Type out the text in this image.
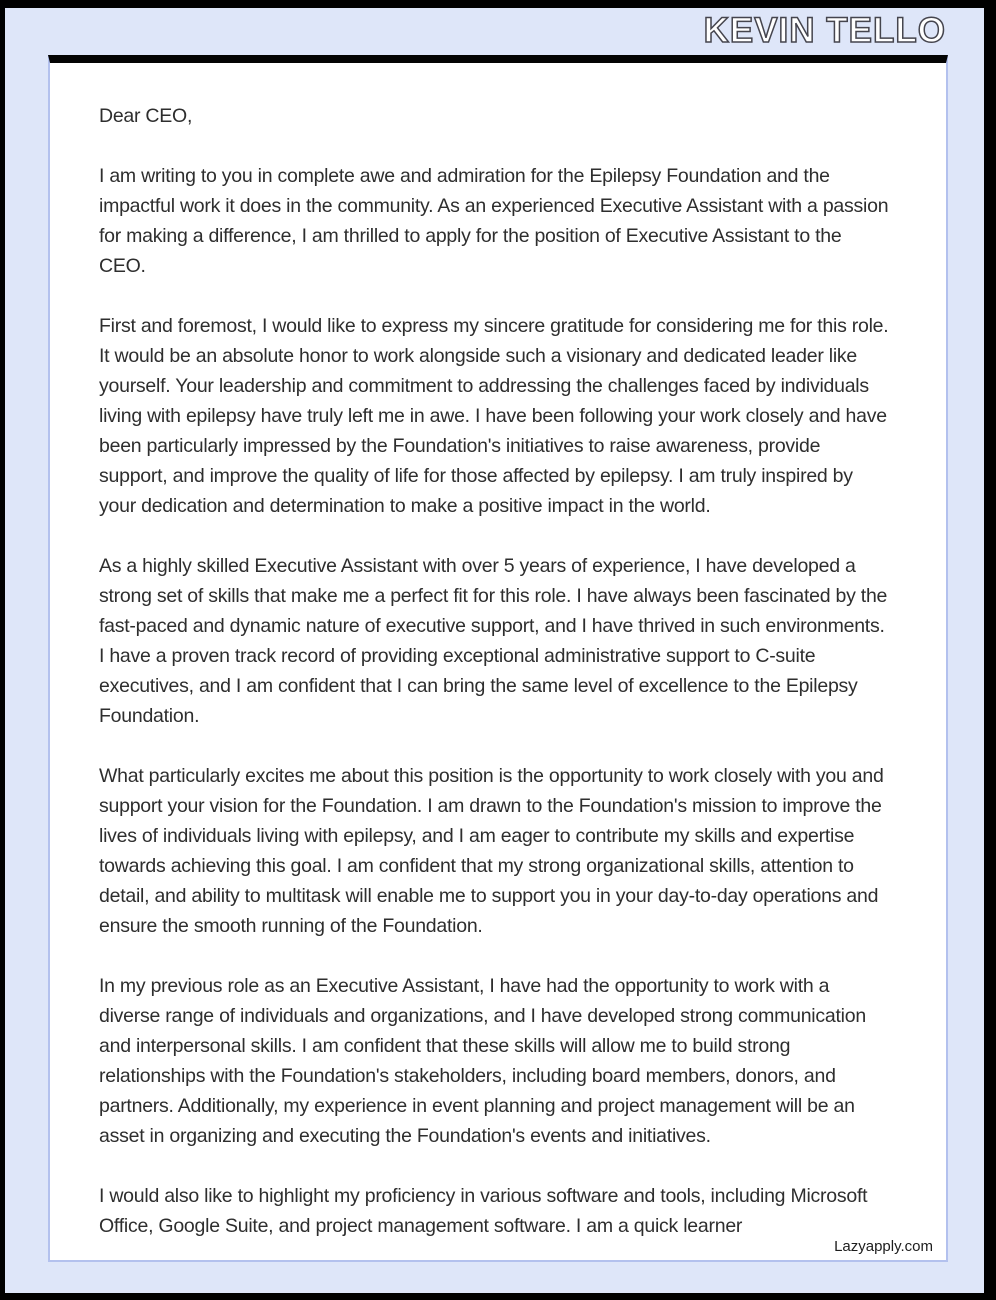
KEVIN TELLO

Dear CEO,

I am writing to you in complete awe and admiration for the Epilepsy Foundation and the impactful work it does in the community. As an experienced Executive Assistant with a passion for making a difference, I am thrilled to apply for the position of Executive Assistant to the CEO.

First and foremost, I would like to express my sincere gratitude for considering me for this role. It would be an absolute honor to work alongside such a visionary and dedicated leader like yourself. Your leadership and commitment to addressing the challenges faced by individuals living with epilepsy have truly left me in awe. I have been following your work closely and have been particularly impressed by the Foundation's initiatives to raise awareness, provide support, and improve the quality of life for those affected by epilepsy. I am truly inspired by your dedication and determination to make a positive impact in the world.

As a highly skilled Executive Assistant with over 5 years of experience, I have developed a strong set of skills that make me a perfect fit for this role. I have always been fascinated by the fast-paced and dynamic nature of executive support, and I have thrived in such environments. I have a proven track record of providing exceptional administrative support to C-suite executives, and I am confident that I can bring the same level of excellence to the Epilepsy Foundation.

What particularly excites me about this position is the opportunity to work closely with you and support your vision for the Foundation. I am drawn to the Foundation's mission to improve the lives of individuals living with epilepsy, and I am eager to contribute my skills and expertise towards achieving this goal. I am confident that my strong organizational skills, attention to detail, and ability to multitask will enable me to support you in your day-to-day operations and ensure the smooth running of the Foundation.

In my previous role as an Executive Assistant, I have had the opportunity to work with a diverse range of individuals and organizations, and I have developed strong communication and interpersonal skills. I am confident that these skills will allow me to build strong relationships with the Foundation's stakeholders, including board members, donors, and partners. Additionally, my experience in event planning and project management will be an asset in organizing and executing the Foundation's events and initiatives.

I would also like to highlight my proficiency in various software and tools, including Microsoft Office, Google Suite, and project management software. I am a quick learner

Lazyapply.com
